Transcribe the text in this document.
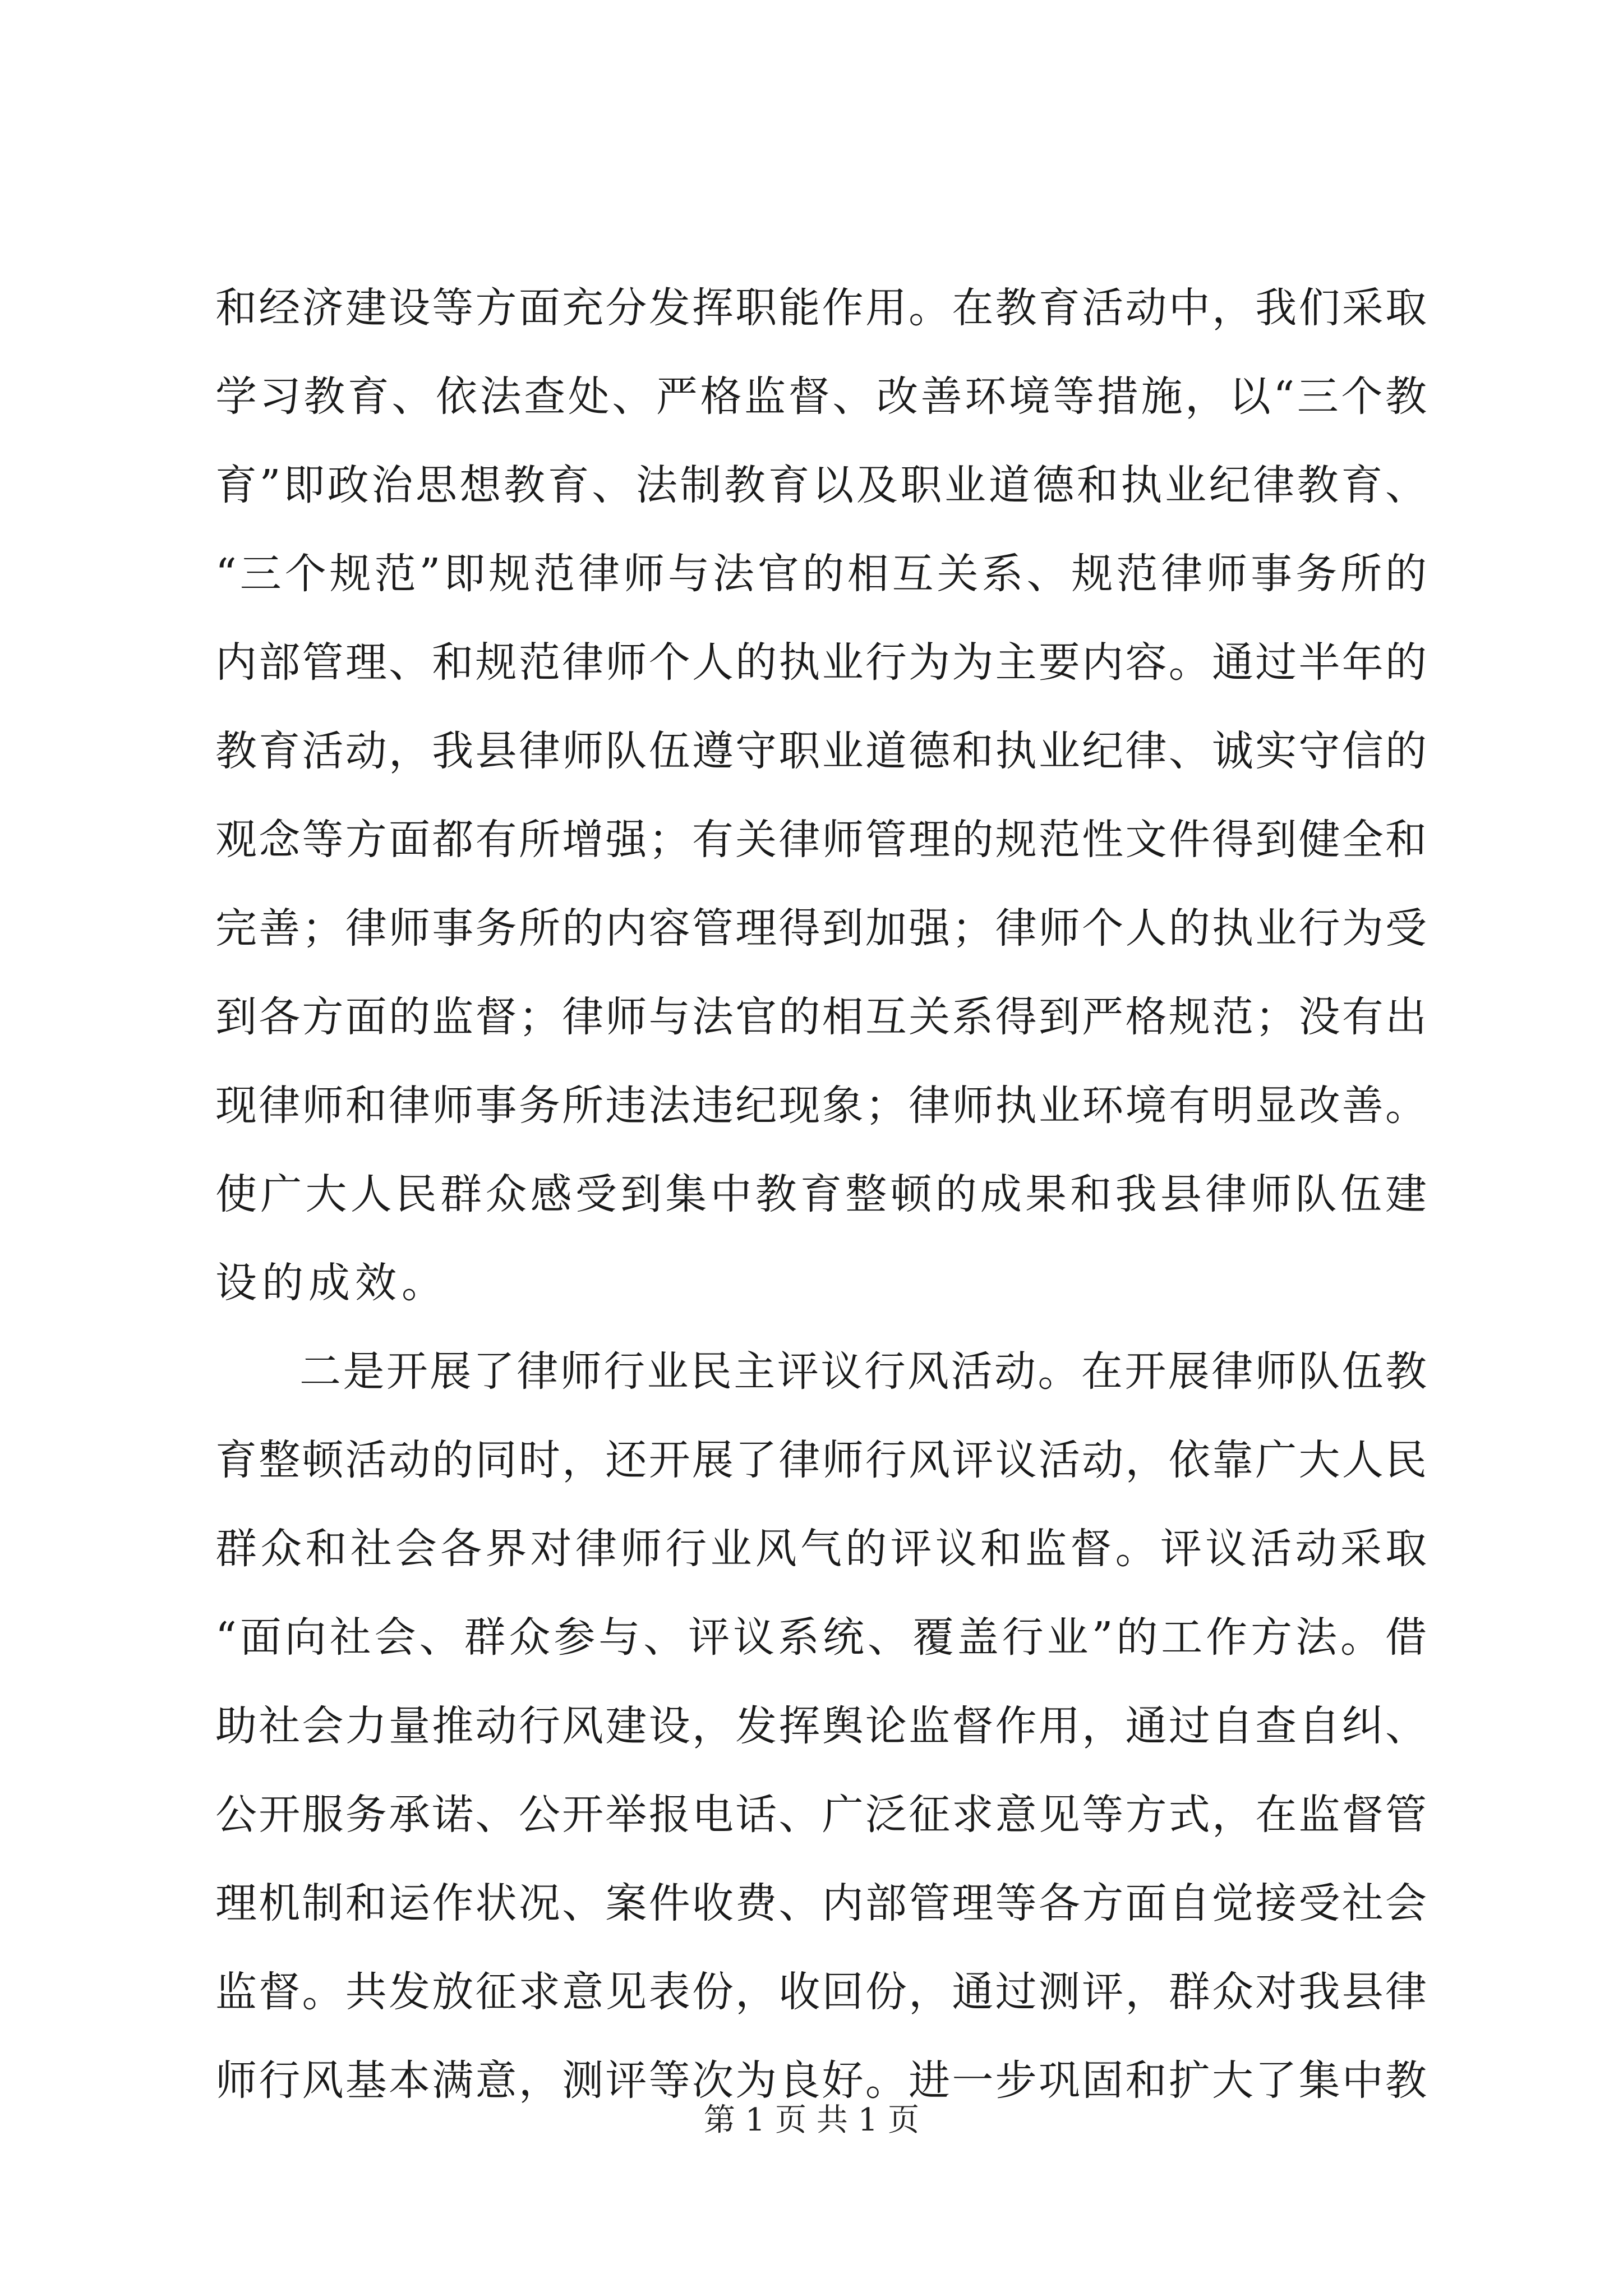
和经济建设等方面充分发挥职能作用。在教育活动中，我们采取
学习教育、依法查处、严格监督、改善环境等措施，以“三个教
育”即政治思想教育、法制教育以及职业道德和执业纪律教育、
“三个规范”即规范律师与法官的相互关系、规范律师事务所的
内部管理、和规范律师个人的执业行为为主要内容。通过半年的
教育活动，我县律师队伍遵守职业道德和执业纪律、诚实守信的
观念等方面都有所增强；有关律师管理的规范性文件得到健全和
完善；律师事务所的内容管理得到加强；律师个人的执业行为受
到各方面的监督；律师与法官的相互关系得到严格规范；没有出
现律师和律师事务所违法违纪现象；律师执业环境有明显改善。
使广大人民群众感受到集中教育整顿的成果和我县律师队伍建
设的成效。
二是开展了律师行业民主评议行风活动。在开展律师队伍教
育整顿活动的同时，还开展了律师行风评议活动，依靠广大人民
群众和社会各界对律师行业风气的评议和监督。评议活动采取
“面向社会、群众参与、评议系统、覆盖行业”的工作方法。借
助社会力量推动行风建设，发挥舆论监督作用，通过自查自纠、
公开服务承诺、公开举报电话、广泛征求意见等方式，在监督管
理机制和运作状况、案件收费、内部管理等各方面自觉接受社会
监督。共发放征求意见表份，收回份，通过测评，群众对我县律
师行风基本满意，测评等次为良好。进一步巩固和扩大了集中教
第 1 页 共 1 页
